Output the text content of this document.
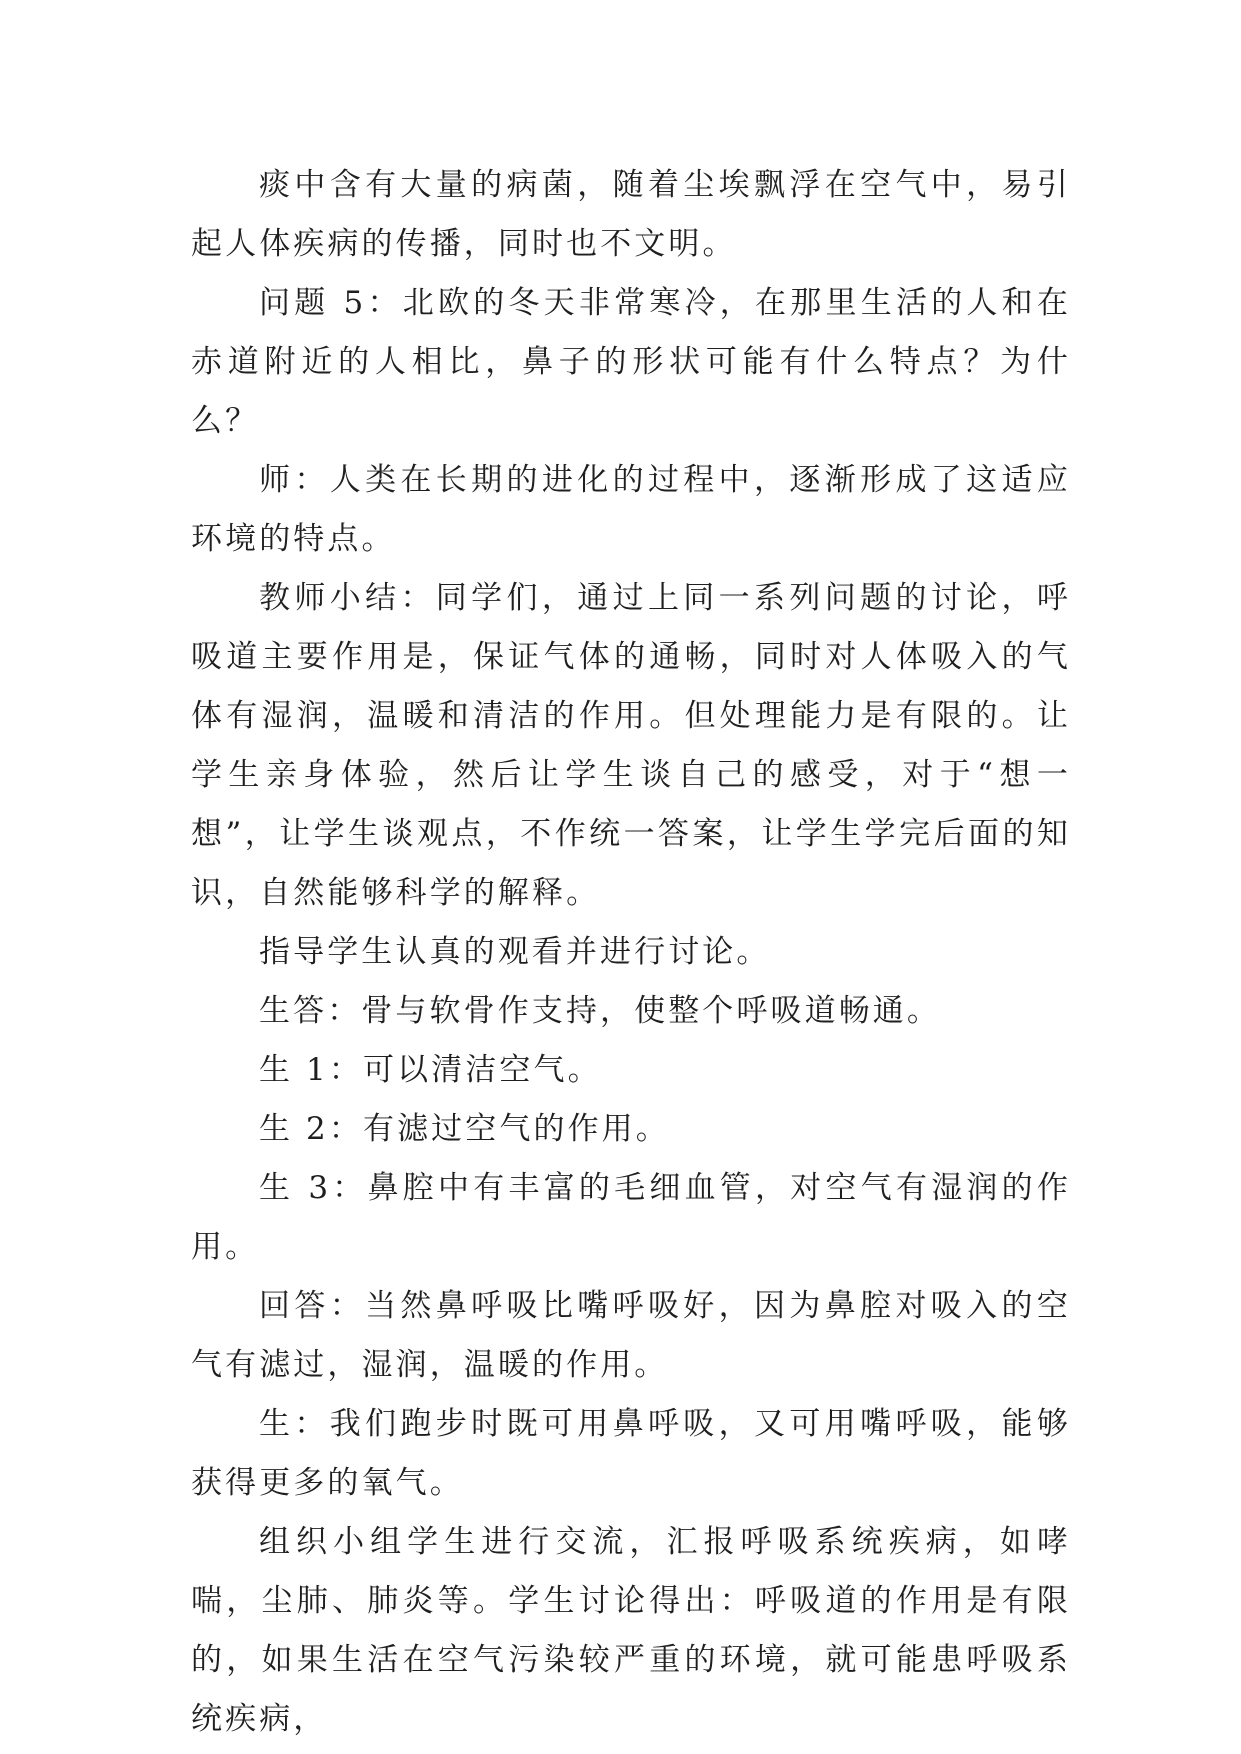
痰中含有大量的病菌，随着尘埃飘浮在空气中，易引起人体疾病的传播，同时也不文明。

问题 5：北欧的冬天非常寒冷，在那里生活的人和在赤道附近的人相比，鼻子的形状可能有什么特点？为什么？

师：人类在长期的进化的过程中，逐渐形成了这适应环境的特点。

教师小结：同学们，通过上同一系列问题的讨论，呼吸道主要作用是，保证气体的通畅，同时对人体吸入的气体有湿润，温暖和清洁的作用。但处理能力是有限的。让学生亲身体验，然后让学生谈自己的感受，对于“想一想”，让学生谈观点，不作统一答案，让学生学完后面的知识，自然能够科学的解释。

指导学生认真的观看并进行讨论。

生答：骨与软骨作支持，使整个呼吸道畅通。

生 1：可以清洁空气。

生 2：有滤过空气的作用。

生 3：鼻腔中有丰富的毛细血管，对空气有湿润的作用。

回答：当然鼻呼吸比嘴呼吸好，因为鼻腔对吸入的空气有滤过，湿润，温暖的作用。

生：我们跑步时既可用鼻呼吸，又可用嘴呼吸，能够获得更多的氧气。

组织小组学生进行交流，汇报呼吸系统疾病，如哮喘，尘肺、肺炎等。学生讨论得出：呼吸道的作用是有限的，如果生活在空气污染较严重的环境，就可能患呼吸系统疾病，
